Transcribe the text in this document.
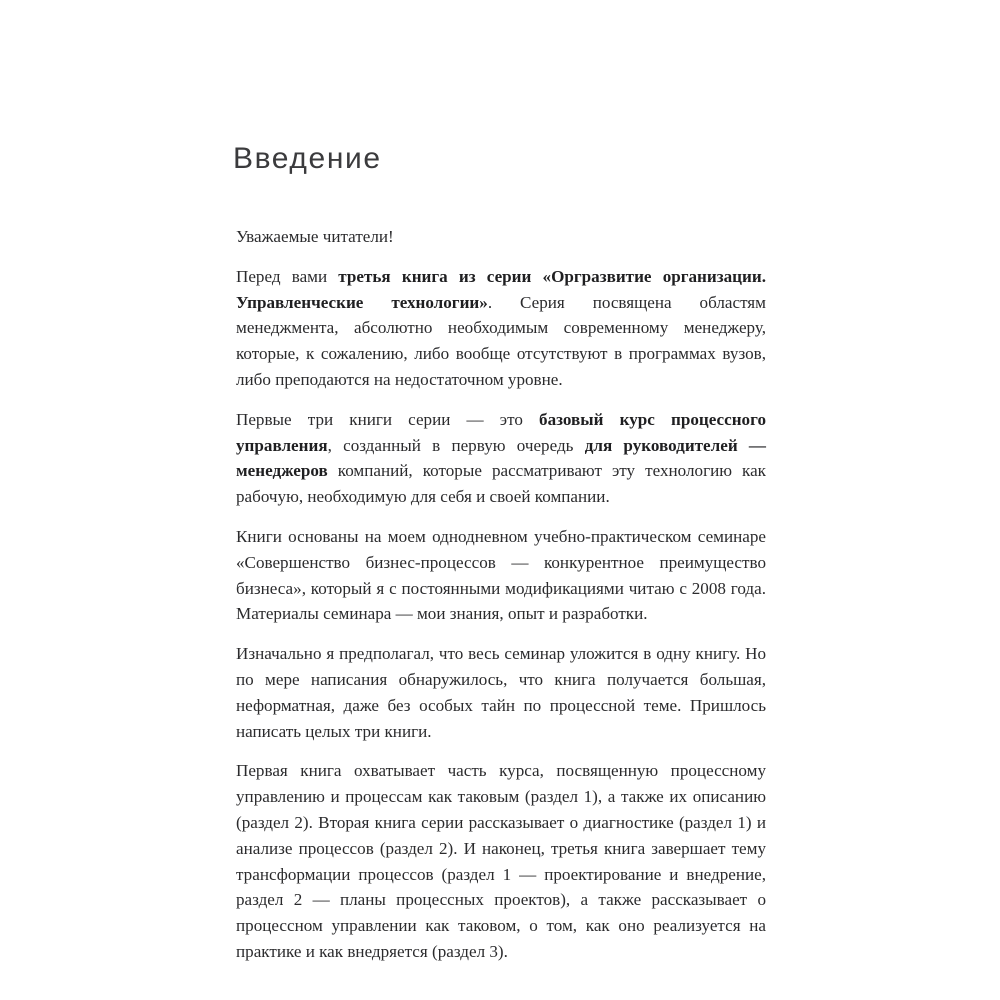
Введение

Уважаемые читатели!

Перед вами третья книга из серии «Оргразвитие организации. Управленческие технологии». Серия посвящена областям менеджмента, абсолютно необходимым современному менеджеру, которые, к сожалению, либо вообще отсутствуют в программах вузов, либо преподаются на недостаточном уровне.

Первые три книги серии — это базовый курс процессного управления, созданный в первую очередь для руководителей — менеджеров компаний, которые рассматривают эту технологию как рабочую, необходимую для себя и своей компании.

Книги основаны на моем однодневном учебно-практическом семинаре «Совершенство бизнес-процессов — конкурентное преимущество бизнеса», который я с постоянными модификациями читаю с 2008 года. Материалы семинара — мои знания, опыт и разработки.

Изначально я предполагал, что весь семинар уложится в одну книгу. Но по мере написания обнаружилось, что книга получается большая, неформатная, даже без особых тайн по процессной теме. Пришлось написать целых три книги.

Первая книга охватывает часть курса, посвященную процессному управлению и процессам как таковым (раздел 1), а также их описанию (раздел 2). Вторая книга серии рассказывает о диагностике (раздел 1) и анализе процессов (раздел 2). И наконец, третья книга завершает тему трансформации процессов (раздел 1 — проектирование и внедрение, раздел 2 — планы процессных проектов), а также рассказывает о процессном управлении как таковом, о том, как оно реализуется на практике и как внедряется (раздел 3).
